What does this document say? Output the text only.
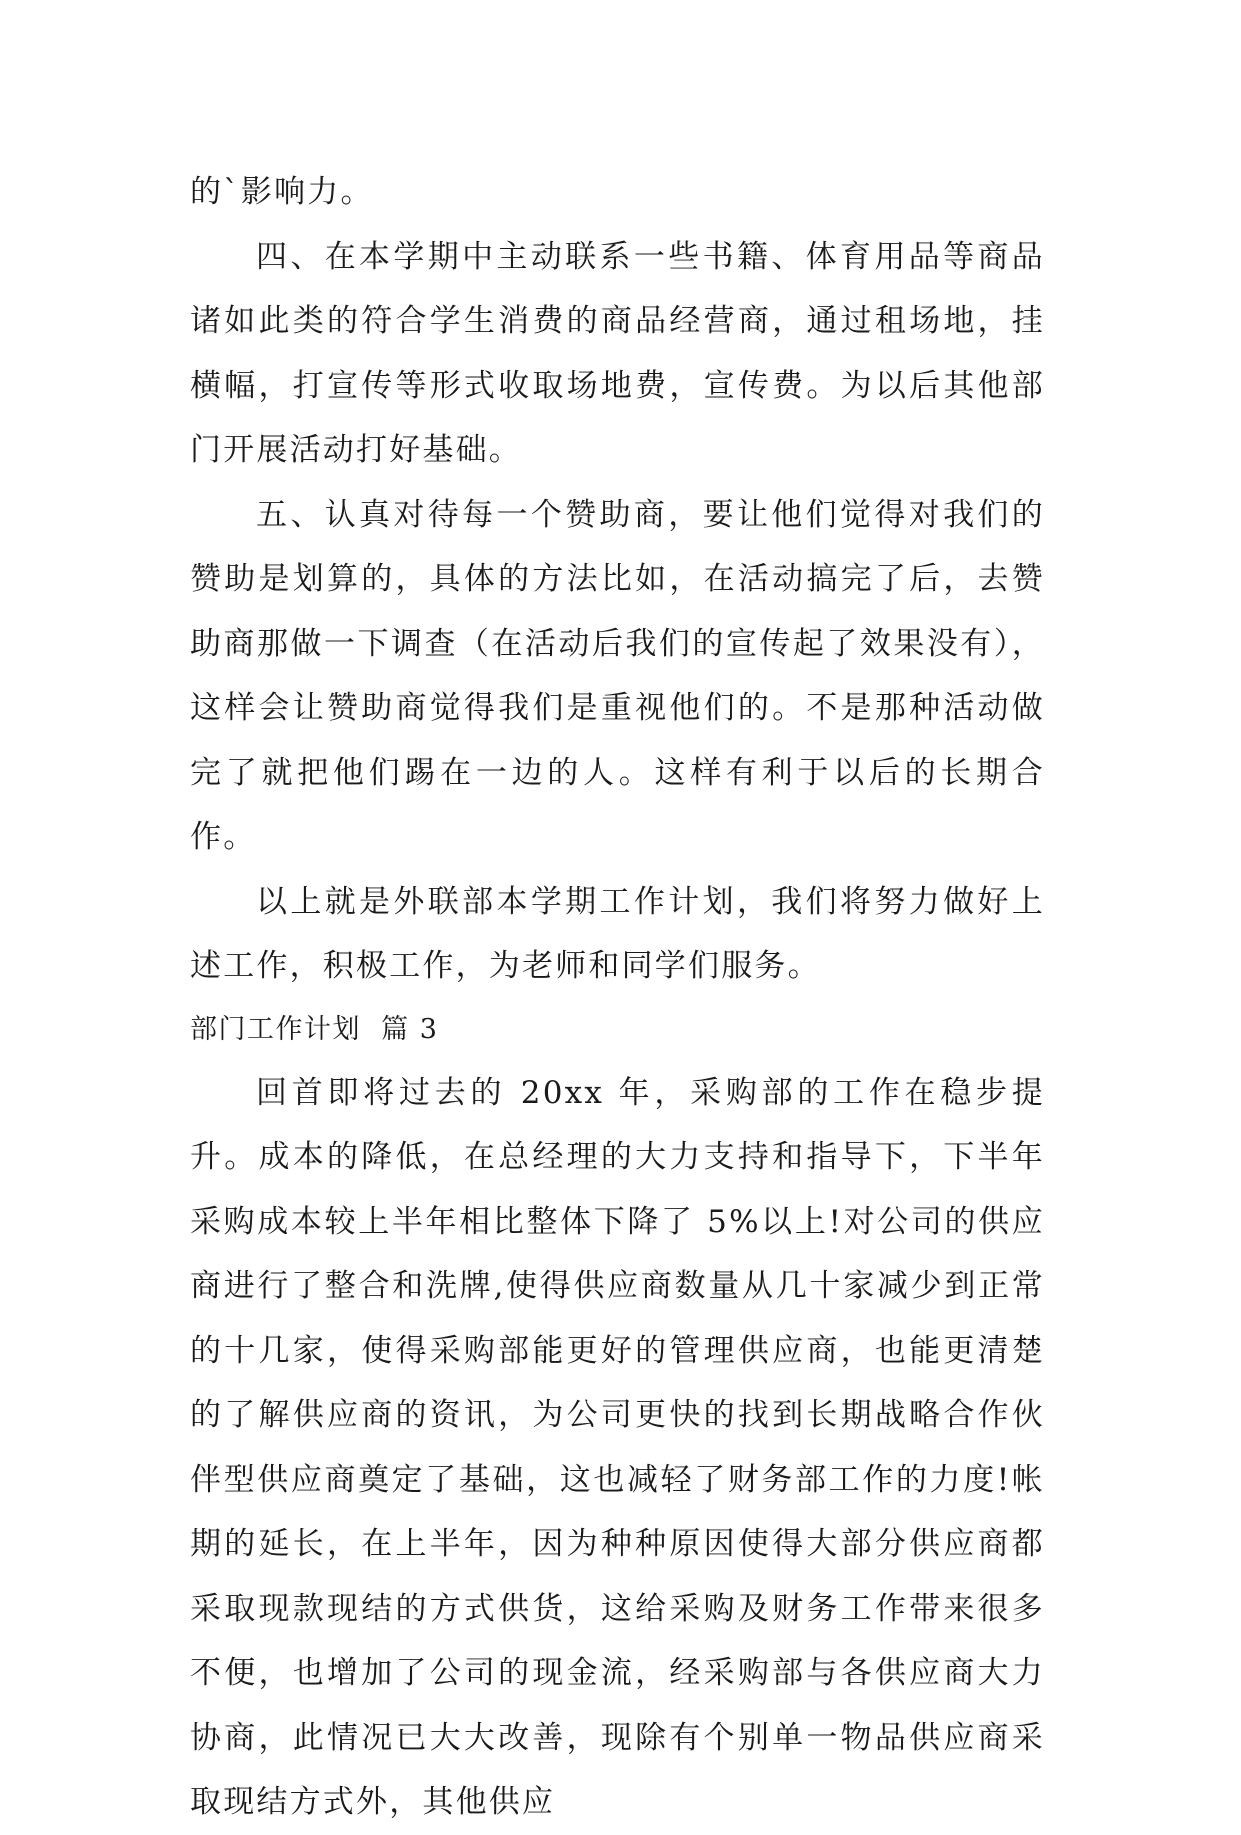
的`影响力。

四、在本学期中主动联系一些书籍、体育用品等商品诸如此类的符合学生消费的商品经营商，通过租场地，挂横幅，打宣传等形式收取场地费，宣传费。为以后其他部门开展活动打好基础。

五、认真对待每一个赞助商，要让他们觉得对我们的赞助是划算的，具体的方法比如，在活动搞完了后，去赞助商那做一下调查（在活动后我们的宣传起了效果没有），这样会让赞助商觉得我们是重视他们的。不是那种活动做完了就把他们踢在一边的人。这样有利于以后的长期合作。

以上就是外联部本学期工作计划，我们将努力做好上述工作，积极工作，为老师和同学们服务。

部门工作计划  篇 3

回首即将过去的 20xx 年，采购部的工作在稳步提升。成本的降低，在总经理的大力支持和指导下，下半年采购成本较上半年相比整体下降了 5%以上!对公司的供应商进行了整合和洗牌,使得供应商数量从几十家减少到正常的十几家，使得采购部能更好的管理供应商，也能更清楚的了解供应商的资讯，为公司更快的找到长期战略合作伙伴型供应商奠定了基础，这也减轻了财务部工作的力度!帐期的延长，在上半年，因为种种原因使得大部分供应商都采取现款现结的方式供货，这给采购及财务工作带来很多不便，也增加了公司的现金流，经采购部与各供应商大力协商，此情况已大大改善，现除有个别单一物品供应商采取现结方式外，其他供应
